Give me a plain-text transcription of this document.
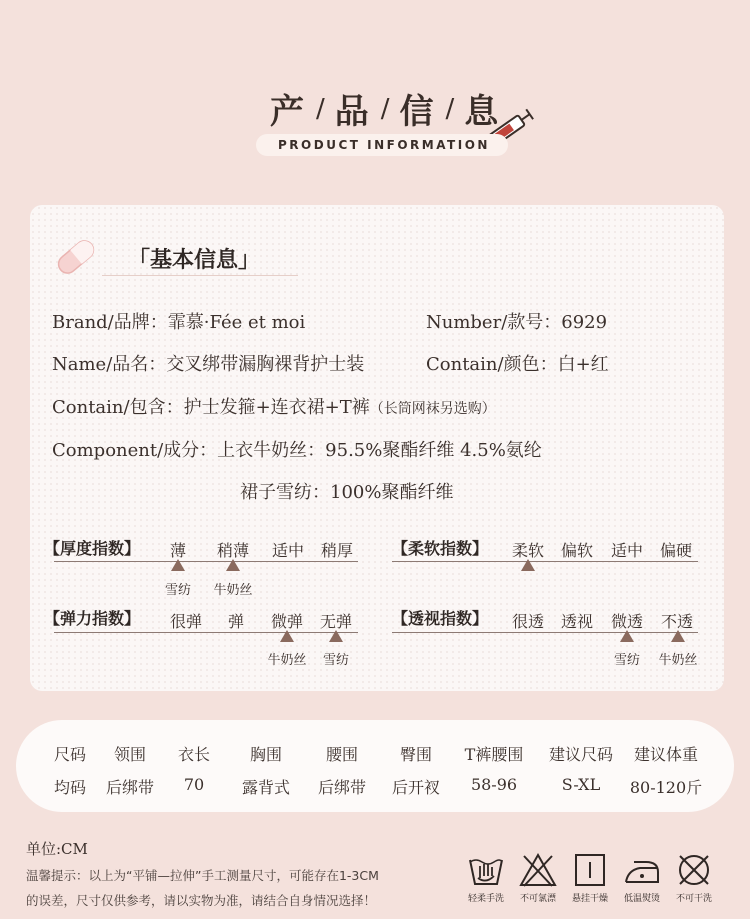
产 / 品 / 信 / 息
PRODUCT INFORMATION
「基本信息」
Brand/品牌：霏慕·Fée et moi	Number/款号：6929
Name/品名：交叉绑带漏胸裸背护士装	Contain/颜色：白+红
Contain/包含：护士发箍+连衣裙+T裤（长筒网袜另选购）
Component/成分：上衣牛奶丝：95.5%聚酯纤维 4.5%氨纶
裙子雪纺：100%聚酯纤维
【厚度指数】	薄	稍薄	适中	稍厚
雪纺	牛奶丝
【柔软指数】	柔软	偏软	适中	偏硬
【弹力指数】	很弹	弹	微弹	无弹
牛奶丝	雪纺
【透视指数】	很透	透视	微透	不透
雪纺	牛奶丝
尺码	领围	衣长	胸围	腰围	臀围	T裤腰围	建议尺码	建议体重
均码	后绑带	70	露背式	后绑带	后开衩	58-96	S-XL	80-120斤
单位:CM
温馨提示：以上为“平铺—拉伸”手工测量尺寸，可能存在1-3CM
的误差，尺寸仅供参考，请以实物为准，请结合自身情况选择！	轻柔手洗	不可氯漂	悬挂干燥	低温熨烫	不可干洗
